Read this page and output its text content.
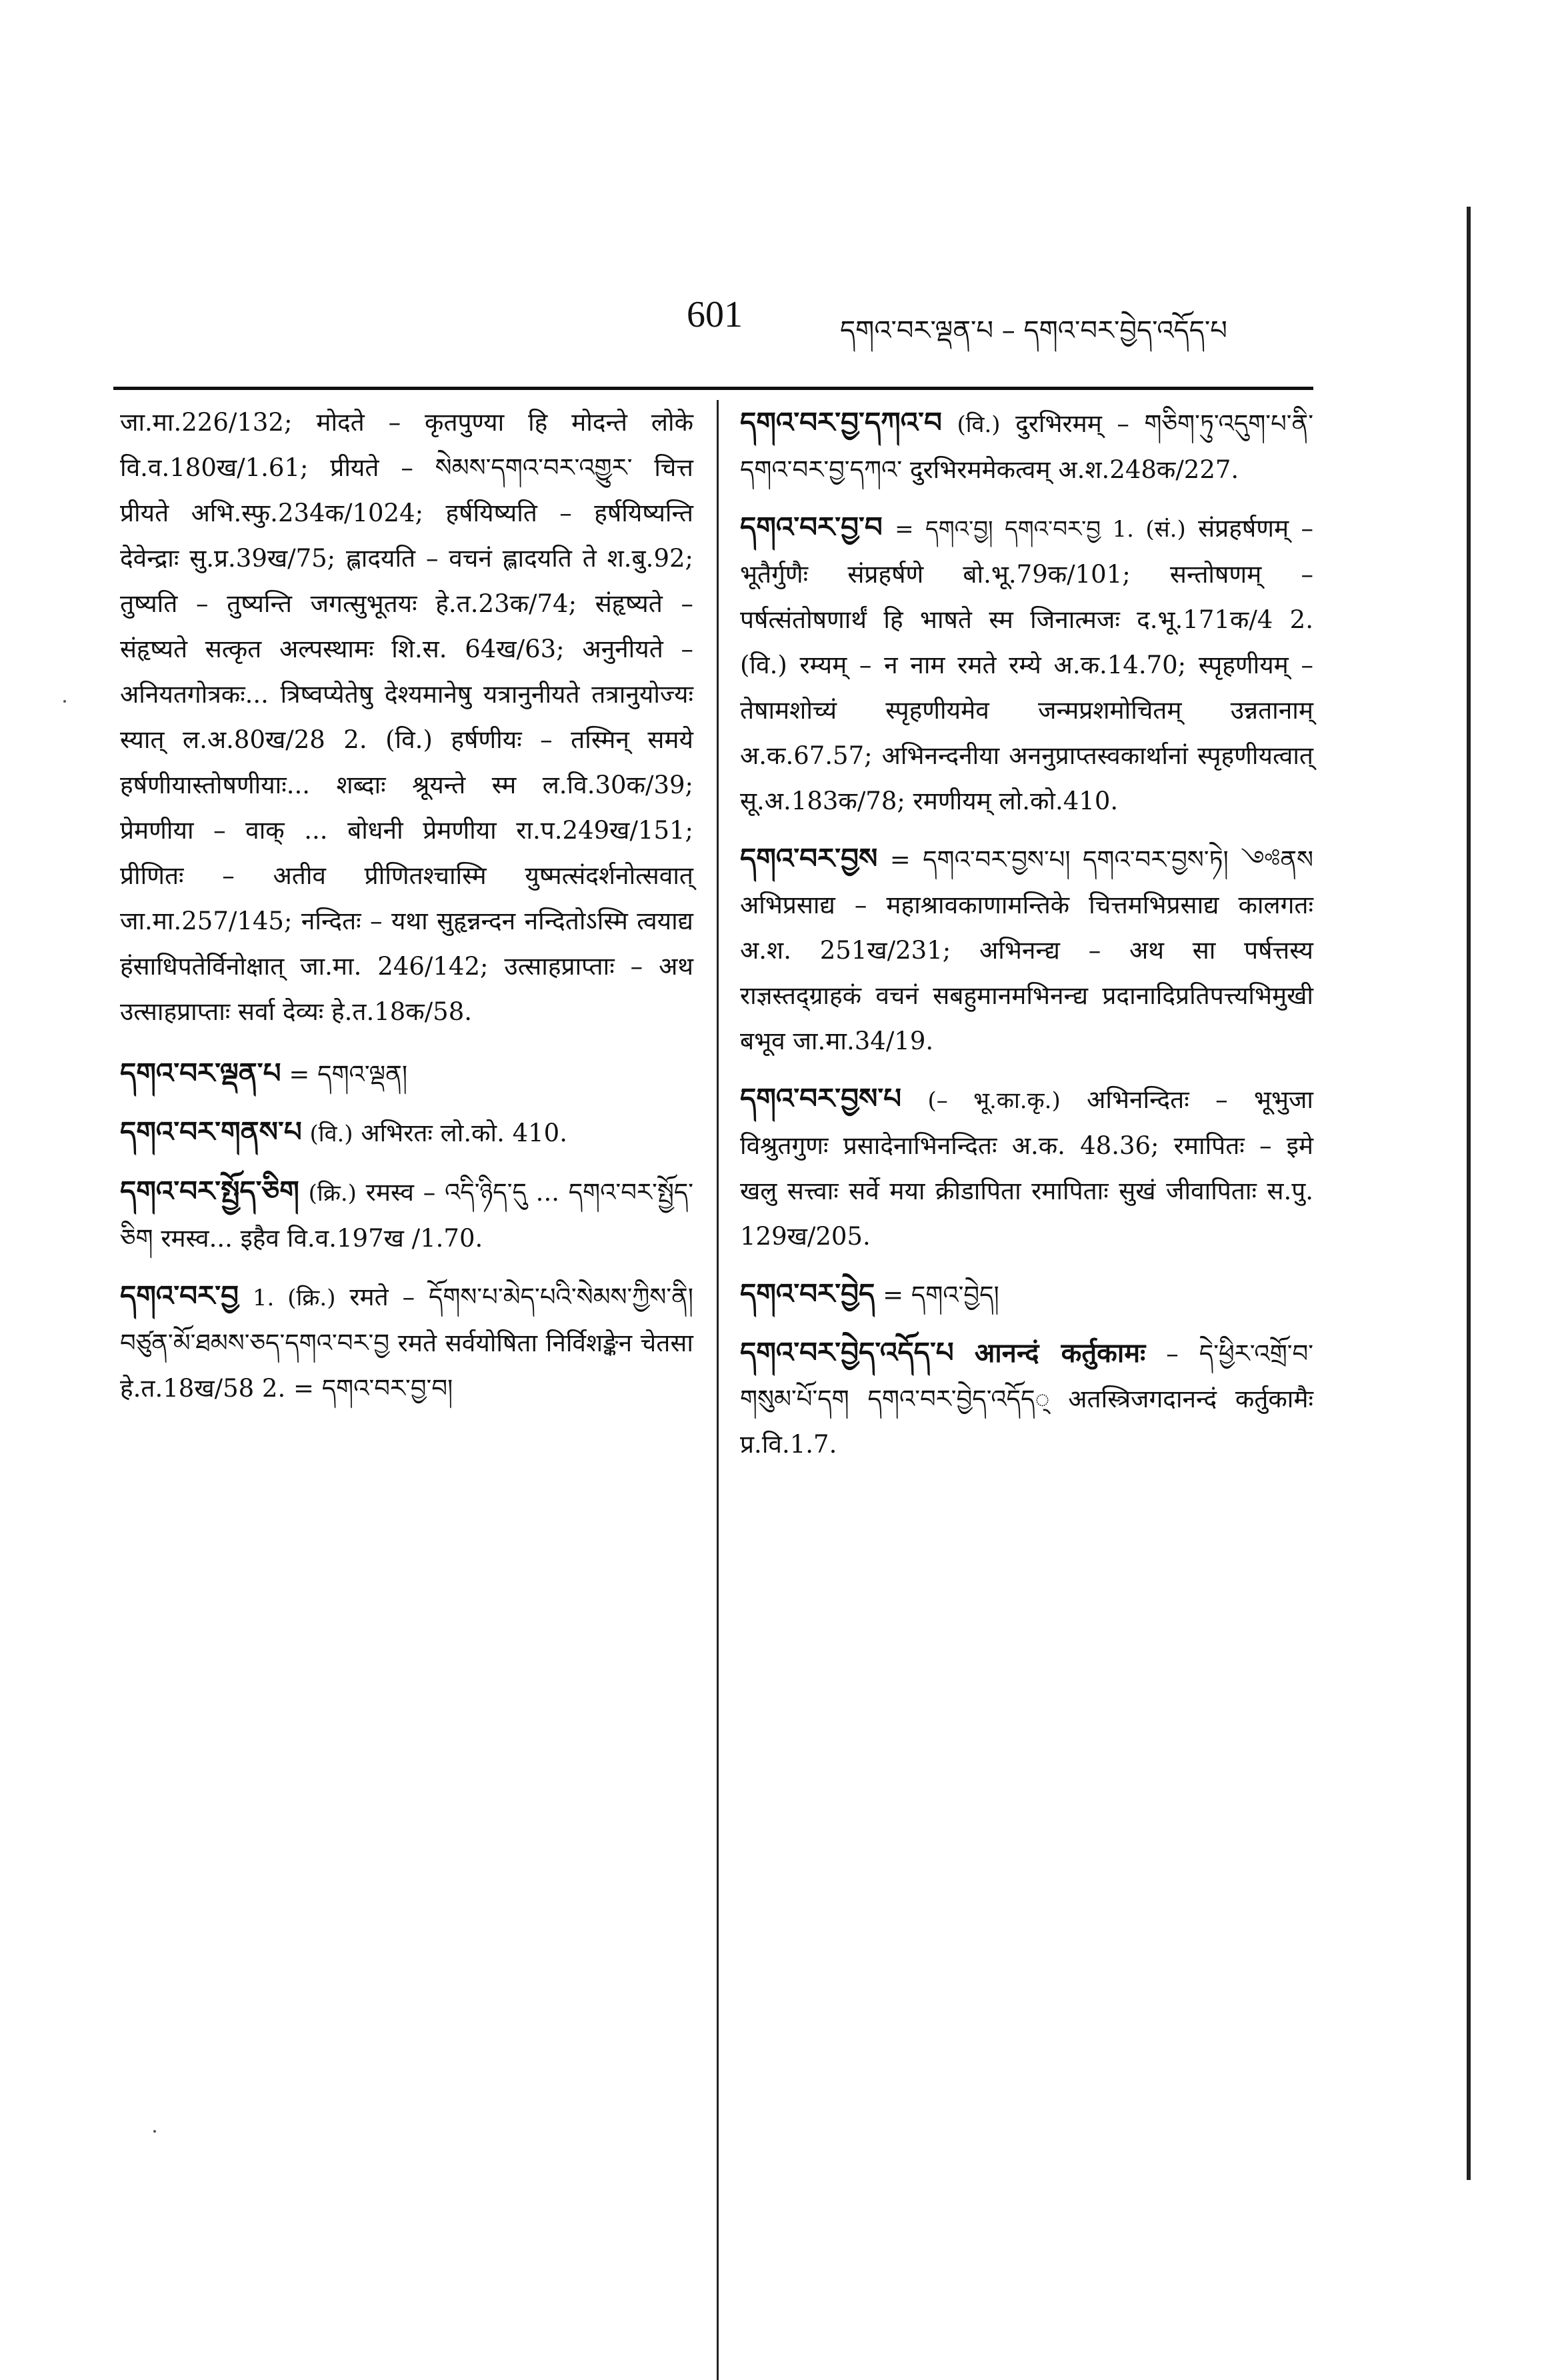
601	དགའ་བར་ལྡན་པ – དགའ་བར་བྱེད་འདོད་པ

जा.मा.226/132; मोदते – कृतपुण्या हि मोदन्ते लोके वि.व.180ख/1.61; प्रीयते – སེམས་དགའ་བར་འགྱུར་ चित्त प्रीयते अभि.स्फु.234क/1024; हर्षयिष्यति – हर्षयिष्यन्ति देवेन्द्राः सु.प्र.39ख/75; ह्लादयति – वचनं ह्लादयति ते श.बु.92; तुष्यति – तुष्यन्ति जगत्सुभूतयः हे.त.23क/74; संहृष्यते – संहृष्यते सत्कृत अल्पस्थामः शि.स. 64ख/63; अनुनीयते – अनियतगोत्रकः... त्रिष्वप्येतेषु देश्यमानेषु यत्रानुनीयते तत्रानुयोज्यः स्यात् ल.अ.80ख/28 2. (वि.) हर्षणीयः – तस्मिन् समये हर्षणीयास्तोषणीयाः... शब्दाः श्रूयन्ते स्म ल.वि.30क/39; प्रेमणीया – वाक् ... बोधनी प्रेमणीया रा.प.249ख/151; प्रीणितः – अतीव प्रीणितश्चास्मि युष्मत्संदर्शनोत्सवात् जा.मा.257/145; नन्दितः – यथा सुहृन्नन्दन नन्दितोऽस्मि त्वयाद्य हंसाधिपतेर्विनोक्षात् जा.मा. 246/142; उत्साहप्राप्ताः – अथ उत्साहप्राप्ताः सर्वा देव्यः हे.त.18क/58.

དགའ་བར་ལྡན་པ = དགའ་ལྡན།
དགའ་བར་གནས་པ (वि.) अभिरतः लो.को. 410.
དགའ་བར་སྤྱོད་ཅིག (क्रि.) रमस्व – འདི་ཉིད་དུ ... དགའ་བར་སྤྱོད་ཅིག रमस्व... इहैव वि.व.197ख /1.70.
དགའ་བར་བྱ 1. (क्रि.) रमते – དོགས་པ་མེད་པའི་སེམས་ཀྱིས་ནི། བཙུན་མོ་ཐམས་ཅད་དགའ་བར་བྱ रमते सर्वयोषिता निर्विशङ्केन चेतसा हे.त.18ख/58 2. = དགའ་བར་བྱ་བ།
དགའ་བར་བྱ་དཀའ་བ (वि.) दुरभिरमम् – གཅིག་ཏུ་འདུག་པ་ནི་དགའ་བར་བྱ་དཀའ་ दुरभिरममेकत्वम् अ.श.248क/227.
དགའ་བར་བྱ་བ = དགའ་བྱ། དགའ་བར་བྱ 1. (सं.) संप्रहर्षणम् – भूतैर्गुणैः संप्रहर्षणे बो.भू.79क/101; सन्तोषणम् – पर्षत्संतोषणार्थं हि भाषते स्म जिनात्मजः द.भू.171क/4 2. (वि.) रम्यम् – न नाम रमते रम्ये अ.क.14.70; स्पृहणीयम् – तेषामशोच्यं स्पृहणीयमेव जन्मप्रशमोचितम् उन्नतानाम् अ.क.67.57; अभिनन्दनीया अननुप्राप्तस्वकार्थानां स्पृहणीयत्वात् सू.अ.183क/78; रमणीयम् लो.को.410.
དགའ་བར་བྱས = དགའ་བར་བྱས་པ། དགའ་བར་བྱས་ཏེ། ༺ནས अभिप्रसाद्य – महाश्रावकाणामन्तिके चित्तमभिप्रसाद्य कालगतः अ.श. 251ख/231; अभिनन्द्य – अथ सा पर्षत्तस्य राज्ञस्तद्ग्राहकं वचनं सबहुमानमभिनन्द्य प्रदानादिप्रतिपत्त्यभिमुखी बभूव जा.मा.34/19.
དགའ་བར་བྱས་པ (– भू.का.कृ.) अभिनन्दितः – भूभुजा विश्रुतगुणः प्रसादेनाभिनन्दितः अ.क. 48.36; रमापितः – इमे खलु सत्त्वाः सर्वे मया क्रीडापिता रमापिताः सुखं जीवापिताः स.पु. 129ख/205.
དགའ་བར་བྱེད = དགའ་བྱེད།
དགའ་བར་བྱེད་འདོད་པ आनन्दं कर्तुकामः – དེ་ཕྱིར་འགྲོ་བ་གསུམ་པོ་དག དགའ་བར་བྱེད་འདོད् अतस्त्रिजगदानन्दं कर्तुकामैः प्र.वि.1.7.
